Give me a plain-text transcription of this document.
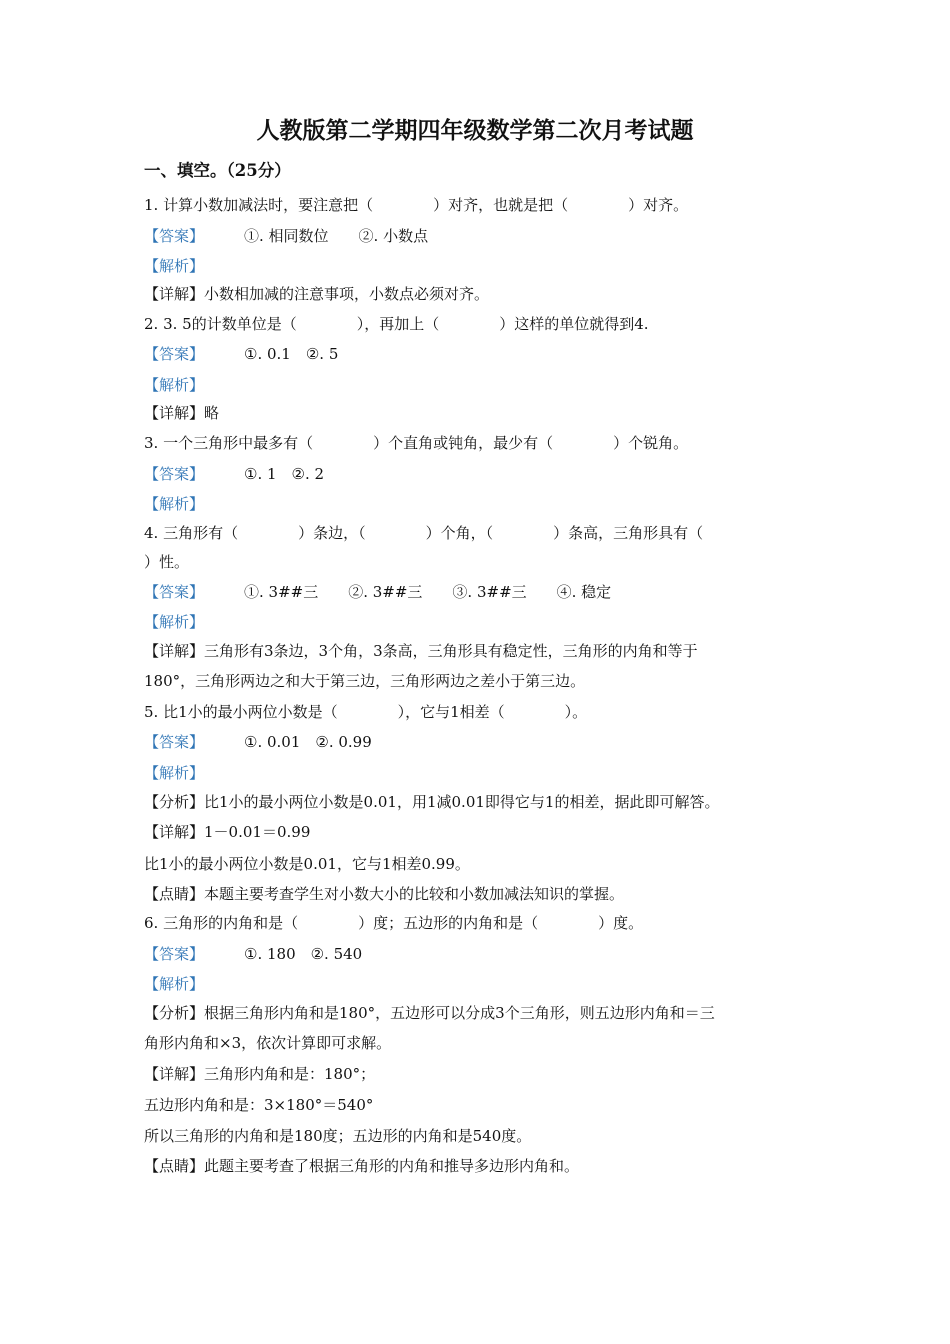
人教版第二学期四年级数学第二次月考试题
一、填空。（25分）
1. 计算小数加减法时，要注意把（　　　　）对齐，也就是把（　　　　）对齐。
【答案】	①. 相同数位　　②. 小数点
【解析】
【详解】小数相加减的注意事项，小数点必须对齐。
2. 3. 5的计数单位是（　　　　），再加上（　　　　）这样的单位就得到4.
【答案】	①. 0.1　②. 5
【解析】
【详解】略
3. 一个三角形中最多有（　　　　）个直角或钝角，最少有（　　　　）个锐角。
【答案】	①. 1　②. 2
【解析】
4. 三角形有（　　　　）条边，（　　　　）个角，（　　　　）条高，三角形具有（
）性。
【答案】	①. 3##三　　②. 3##三　　③. 3##三　　④. 稳定
【解析】
【详解】三角形有3条边，3个角，3条高，三角形具有稳定性，三角形的内角和等于
180°，三角形两边之和大于第三边，三角形两边之差小于第三边。
5. 比1小的最小两位小数是（　　　　），它与1相差（　　　　）。
【答案】	①. 0.01　②. 0.99
【解析】
【分析】比1小的最小两位小数是0.01，用1减0.01即得它与1的相差，据此即可解答。
【详解】1－0.01＝0.99
比1小的最小两位小数是0.01，它与1相差0.99。
【点睛】本题主要考查学生对小数大小的比较和小数加减法知识的掌握。
6. 三角形的内角和是（　　　　）度；五边形的内角和是（　　　　）度。
【答案】	①. 180　②. 540
【解析】
【分析】根据三角形内角和是180°，五边形可以分成3个三角形，则五边形内角和＝三
角形内角和×3，依次计算即可求解。
【详解】三角形内角和是：180°；
五边形内角和是：3×180°＝540°
所以三角形的内角和是180度；五边形的内角和是540度。
【点睛】此题主要考查了根据三角形的内角和推导多边形内角和。
